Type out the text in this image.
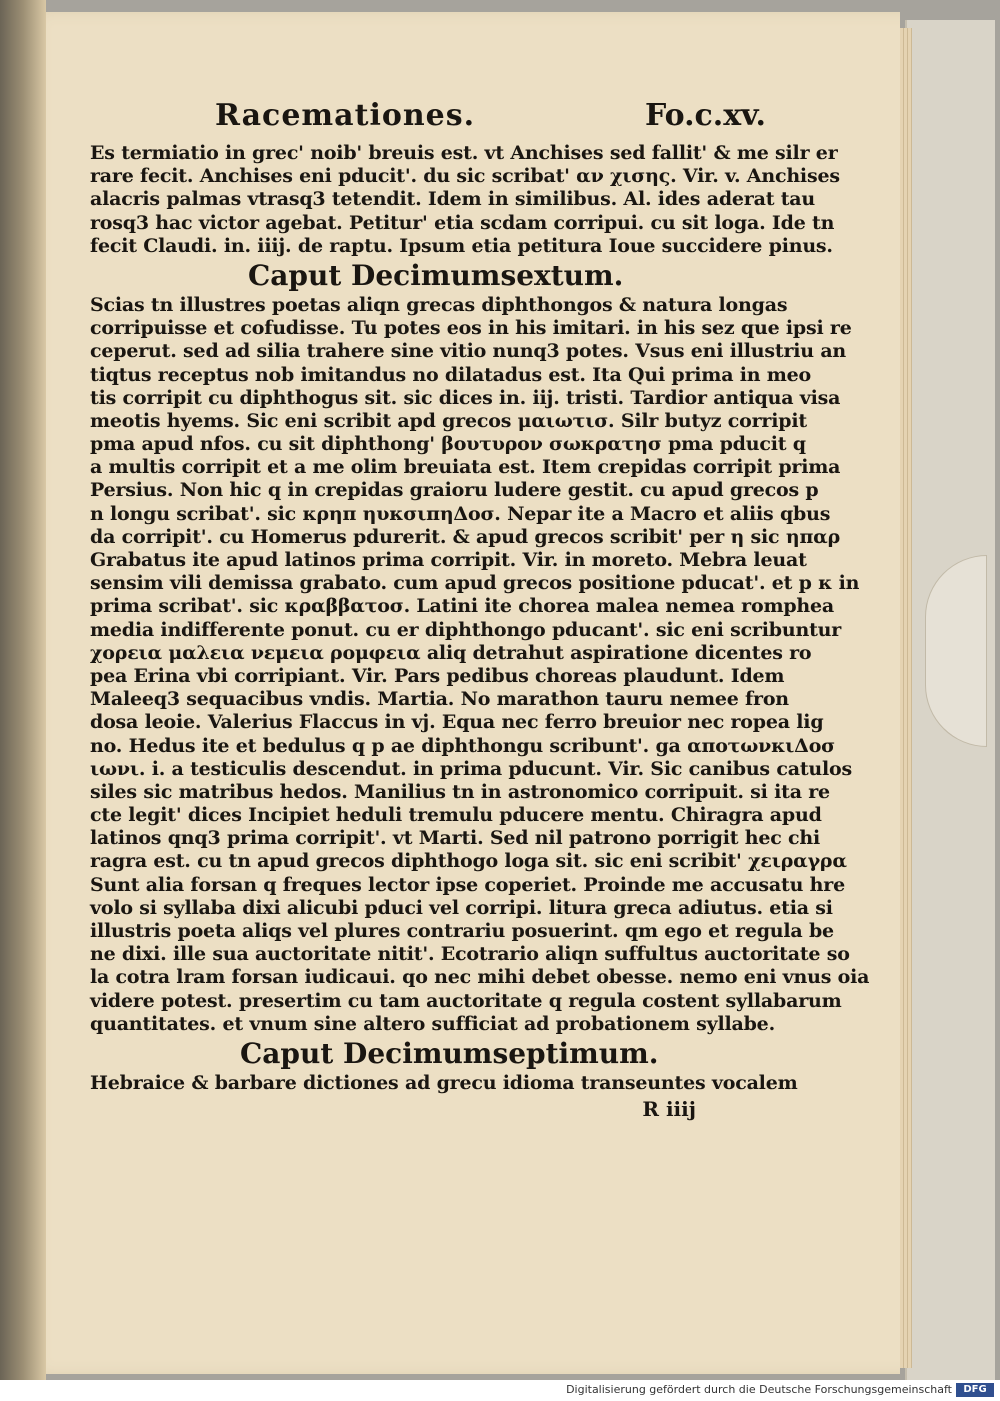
Racemationes.	Fo.c.xv.
Es termiatio in grec' noib' breuis est. vt Anchises sed fallit' & me silr er
rare fecit. Anchises eni pducit'. du sic scribat' αν χισης. Vir. v. Anchises
alacris palmas vtrasq3 tetendit. Idem in similibus. Al. ides aderat tau
rosq3 hac victor agebat. Petitur' etia scdam corripui. cu sit loga. Ide tn
fecit Claudi. in. iiij. de raptu. Ipsum etia petitura Ioue succidere pinus.
Caput Decimumsextum.
Scias tn illustres poetas aliqn grecas diphthongos & natura longas
corripuisse et cofudisse. Tu potes eos in his imitari. in his sez que ipsi re
ceperut. sed ad silia trahere sine vitio nunq3 potes. Vsus eni illustriu an
tiqtus receptus nob imitandus no dilatadus est. Ita Qui prima in meo
tis corripit cu diphthogus sit. sic dices in. iij. tristi. Tardior antiqua visa
meotis hyems. Sic eni scribit apd grecos μαιωτισ. Silr butyz corripit
pma apud nfos. cu sit diphthong' βουτυρον σωκρατησ pma pducit q
a multis corripit et a me olim breuiata est. Item crepidas corripit prima
Persius. Non hic q in crepidas graioru ludere gestit. cu apud grecos p
n longu scribat'. sic κρηπ ηυκσιπηΔοσ. Nepar ite a Macro et aliis qbus
da corripit'. cu Homerus pdurerit. & apud grecos scribit' per η sic ηπαρ
Grabatus ite apud latinos prima corripit. Vir. in moreto. Mebra leuat
sensim vili demissa grabato. cum apud grecos positione pducat'. et p κ in
prima scribat'. sic κραββατοσ. Latini ite chorea malea nemea romphea
media indifferente ponut. cu er diphthongo pducant'. sic eni scribuntur
χορεια μαλεια νεμεια ρομφεια aliq detrahut aspiratione dicentes ro
pea Erina vbi corripiant. Vir. Pars pedibus choreas plaudunt. Idem
Maleeq3 sequacibus vndis. Martia. No marathon tauru nemee fron
dosa leoie. Valerius Flaccus in vj. Equa nec ferro breuior nec ropea lig
no. Hedus ite et bedulus q p ae diphthongu scribunt'. ga αποτωνκιΔοσ
ιωνι. i. a testiculis descendut. in prima pducunt. Vir. Sic canibus catulos
siles sic matribus hedos. Manilius tn in astronomico corripuit. si ita re
cte legit' dices Incipiet heduli tremulu pducere mentu. Chiragra apud
latinos qnq3 prima corripit'. vt Marti. Sed nil patrono porrigit hec chi
ragra est. cu tn apud grecos diphthogo loga sit. sic eni scribit' χειραγρα
Sunt alia forsan q freques lector ipse coperiet. Proinde me accusatu hre
volo si syllaba dixi alicubi pduci vel corripi. litura greca adiutus. etia si
illustris poeta aliqs vel plures contrariu posuerint. qm ego et regula be
ne dixi. ille sua auctoritate nitit'. Ecotrario aliqn suffultus auctoritate so
la cotra lram forsan iudicaui. qo nec mihi debet obesse. nemo eni vnus oia
videre potest. presertim cu tam auctoritate q regula costent syllabarum
quantitates. et vnum sine altero sufficiat ad probationem syllabe.
Caput Decimumseptimum.
Hebraice & barbare dictiones ad grecu idioma transeuntes vocalem
R iiij
Digitalisierung gefördert durch die Deutsche Forschungsgemeinschaft	DFG
